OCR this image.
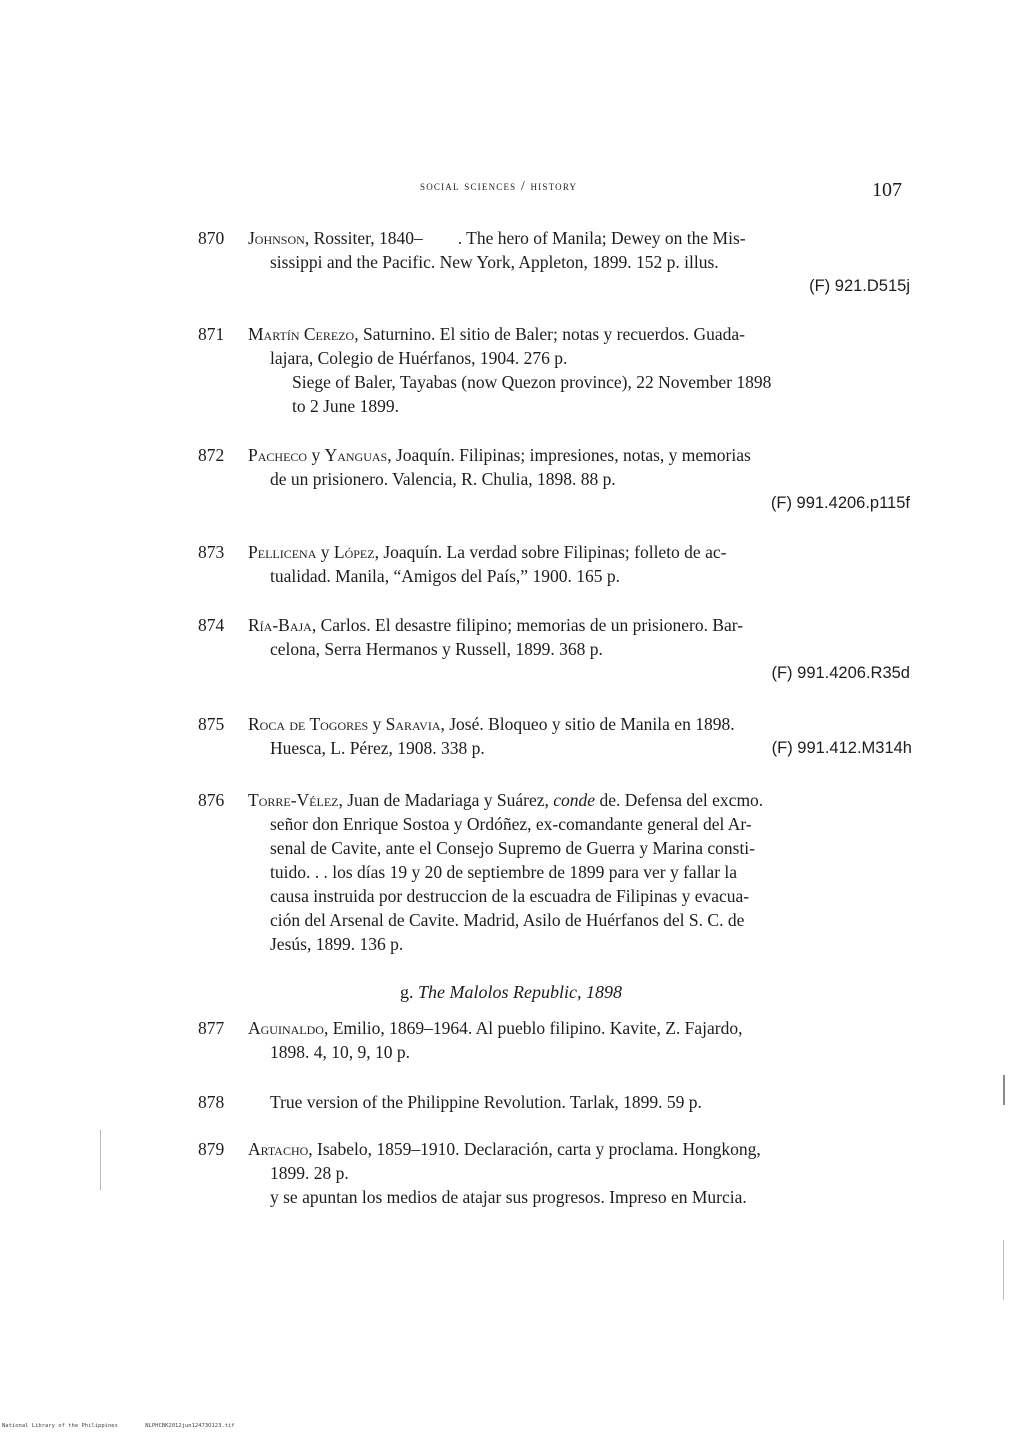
social sciences / history	107
870	Johnson, Rossiter, 1840–  . The hero of Manila; Dewey on the Mis-
sissippi and the Pacific. New York, Appleton, 1899. 152 p. illus.
(F) 921.D515j
871	Martín Cerezo, Saturnino. El sitio de Baler; notas y recuerdos. Guada-
lajara, Colegio de Huérfanos, 1904. 276 p.
Siege of Baler, Tayabas (now Quezon province), 22 November 1898
to 2 June 1899.
872	Pacheco y Yanguas, Joaquín. Filipinas; impresiones, notas, y memorias
de un prisionero. Valencia, R. Chulia, 1898. 88 p.
(F) 991.4206.p115f
873	Pellicena y López, Joaquín. La verdad sobre Filipinas; folleto de ac-
tualidad. Manila, “Amigos del País,” 1900. 165 p.
874	Ría-Baja, Carlos. El desastre filipino; memorias de un prisionero. Bar-
celona, Serra Hermanos y Russell, 1899. 368 p.
(F) 991.4206.R35d
875	Roca de Togores y Saravia, José. Bloqueo y sitio de Manila en 1898.
Huesca, L. Pérez, 1908. 338 p.	(F) 991.412.M314h
876	Torre-Vélez, Juan de Madariaga y Suárez, conde de. Defensa del excmo.
señor don Enrique Sostoa y Ordóñez, ex-comandante general del Ar-
senal de Cavite, ante el Consejo Supremo de Guerra y Marina consti-
tuido. . . los días 19 y 20 de septiembre de 1899 para ver y fallar la
causa instruida por destruccion de la escuadra de Filipinas y evacua-
ción del Arsenal de Cavite. Madrid, Asilo de Huérfanos del S. C. de
Jesús, 1899. 136 p.
g. The Malolos Republic, 1898
877	Aguinaldo, Emilio, 1869–1964. Al pueblo filipino. Kavite, Z. Fajardo,
1898. 4, 10, 9, 10 p.
878	True version of the Philippine Revolution. Tarlak, 1899. 59 p.
879	Artacho, Isabelo, 1859–1910. Declaración, carta y proclama. Hongkong,
1899. 28 p.
y se apuntan los medios de atajar sus progresos. Impreso en Murcia.
National Library of the Philippines	NLPHCBK2012jun12473O123.tif
